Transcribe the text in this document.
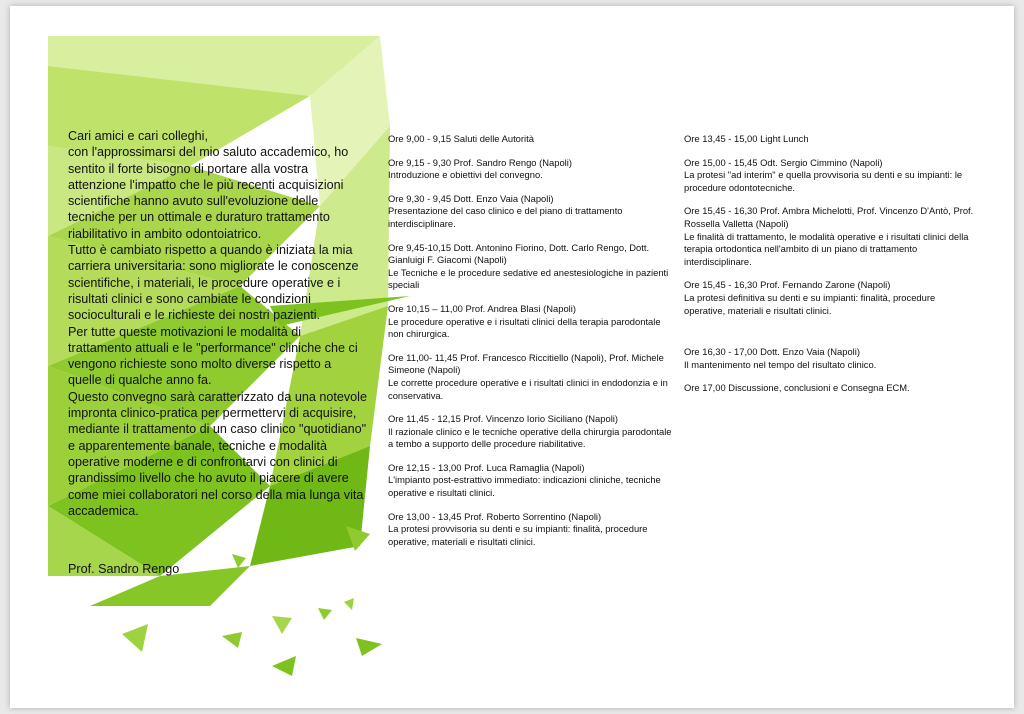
Cari amici e cari colleghi,

con l'approssimarsi del mio saluto accademico, ho sentito il forte bisogno di portare alla vostra attenzione l'impatto che le più recenti acquisizioni scientifiche hanno avuto sull'evoluzione delle tecniche per un ottimale e duraturo trattamento riabilitativo in ambito odontoiatrico.

Tutto è cambiato rispetto a quando è iniziata la mia carriera universitaria: sono migliorate le conoscenze scientifiche, i materiali, le procedure operative e i risultati clinici e sono cambiate le condizioni socioculturali e le richieste dei nostri pazienti.

Per tutte queste motivazioni le modalità di trattamento attuali e le "performance" cliniche che ci vengono richieste sono molto diverse rispetto a quelle di qualche anno fa.

Questo convegno sarà caratterizzato da una notevole impronta clinico-pratica per permettervi di acquisire, mediante il trattamento di un caso clinico "quotidiano" e apparentemente banale, tecniche e modalità operative moderne e di confrontarvi con clinici di grandissimo livello che ho avuto il piacere di avere come miei collaboratori nel corso della mia lunga vita accademica.

Prof. Sandro Rengo
Ore 9,00 - 9,15 Saluti delle Autorità
Ore 9,15 - 9,30 Prof. Sandro Rengo (Napoli)
Introduzione e obiettivi del convegno.
Ore 9,30 - 9,45 Dott. Enzo Vaia (Napoli)
Presentazione del caso clinico e del piano di trattamento interdisciplinare.
Ore 9,45-10,15 Dott. Antonino Fiorino, Dott. Carlo Rengo, Dott. Gianluigi F. Giacomi (Napoli)
Le Tecniche e le procedure sedative ed anestesiologiche in pazienti speciali
Ore 10,15 – 11,00 Prof. Andrea Blasi (Napoli)
Le procedure operative e i risultati clinici della terapia parodontale non chirurgica.
Ore 11,00- 11,45 Prof. Francesco Riccitiello (Napoli), Prof. Michele Simeone (Napoli)
Le corrette procedure operative e i risultati clinici in endodonzia e in conservativa.
Ore 11,45 - 12,15 Prof. Vincenzo Iorio Siciliano (Napoli)
Il razionale clinico e le tecniche operative della chirurgia parodontale a tembo a supporto delle procedure riabilitative.
Ore 12,15 - 13,00 Prof. Luca Ramaglia (Napoli)
L'impianto post-estrattivo immediato: indicazioni cliniche, tecniche operative e risultati clinici.
Ore 13,00 - 13,45 Prof. Roberto Sorrentino (Napoli)
La protesi provvisoria su denti e su impianti: finalità, procedure operative, materiali e risultati clinici.
Ore 13,45 - 15,00 Light Lunch
Ore 15,00 - 15,45 Odt. Sergio Cimmino (Napoli)
La protesi "ad interim" e quella provvisoria su denti e su impianti: le procedure odontotecniche.
Ore 15,45 - 16,30 Prof. Ambra Michelotti, Prof. Vincenzo D'Antò, Prof. Rossella Valletta (Napoli)
Le finalità di trattamento, le modalità operative e i risultati clinici della terapia ortodontica nell'ambito di un piano di trattamento interdisciplinare.
Ore 15,45 - 16,30 Prof. Fernando Zarone (Napoli)
La protesi definitiva su denti e su impianti: finalità, procedure operative, materiali e risultati clinici.
Ore 16,30 - 17,00 Dott. Enzo Vaia (Napoli)
Il mantenimento nel tempo del risultato clinico.
Ore 17,00 Discussione, conclusioni e Consegna ECM.
